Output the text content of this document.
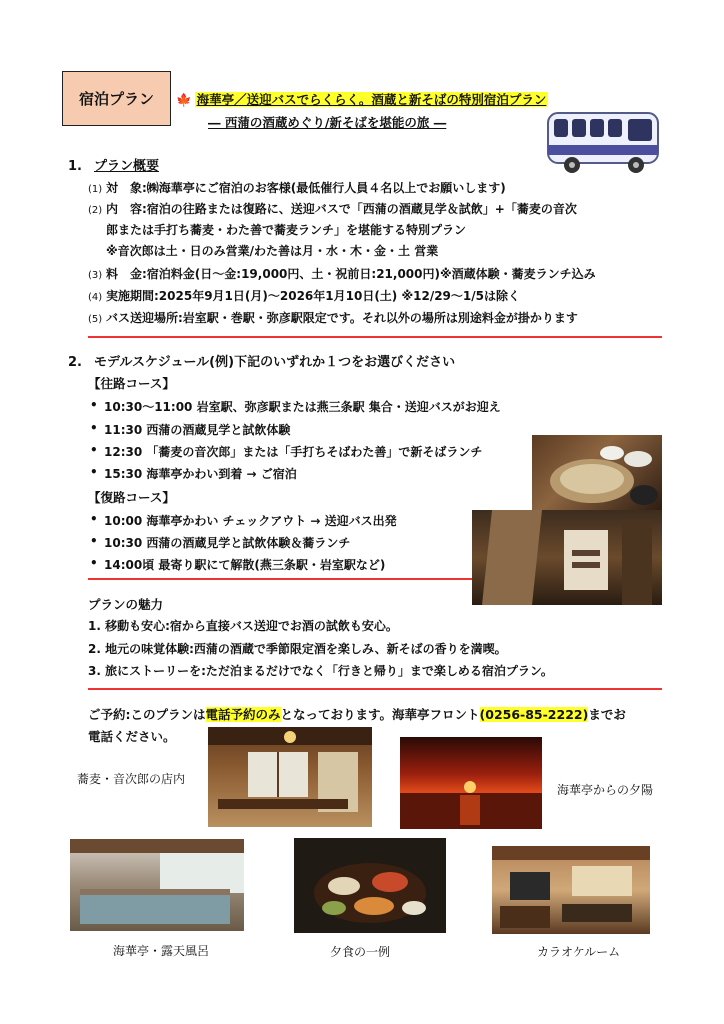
宿泊プラン	🍁 海華亭／送迎バスでらくらく。酒蔵と新そばの特別宿泊プラン
― 西蒲の酒蔵めぐり/新そばを堪能の旅 ―
1. プラン概要
(1) 対　象:㈱海華亭にご宿泊のお客様(最低催行人員４名以上でお願いします)
(2) 内　容:宿泊の往路または復路に、送迎バスで「西蒲の酒蔵見学＆試飲」+「蕎麦の音次
郎または手打ち蕎麦・わた善で蕎麦ランチ」を堪能する特別プラン
※音次郎は土・日のみ営業/わた善は月・水・木・金・土 営業
(3) 料　金:宿泊料金(日～金:19,000円、土・祝前日:21,000円)※酒蔵体験・蕎麦ランチ込み
(4) 実施期間:2025年9月1日(月)～2026年1月10日(土) ※12/29～1/5は除く
(5) バス送迎場所:岩室駅・巻駅・弥彦駅限定です。それ以外の場所は別途料金が掛かります
2. モデルスケジュール(例)下記のいずれか１つをお選びください
【往路コース】
• 10:30～11:00 岩室駅、弥彦駅または燕三条駅 集合・送迎バスがお迎え
• 11:30 西蒲の酒蔵見学と試飲体験
• 12:30 「蕎麦の音次郎」または「手打ちそばわた善」で新そばランチ
• 15:30 海華亭かわい到着 → ご宿泊
【復路コース】
• 10:00 海華亭かわい チェックアウト → 送迎バス出発
• 10:30 西蒲の酒蔵見学と試飲体験＆蕎ランチ
• 14:00頃 最寄り駅にて解散(燕三条駅・岩室駅など)
プランの魅力
1. 移動も安心:宿から直接バス送迎でお酒の試飲も安心。
2. 地元の味覚体験:西蒲の酒蔵で季節限定酒を楽しみ、新そばの香りを満喫。
3. 旅にストーリーを:ただ泊まるだけでなく「行きと帰り」まで楽しめる宿泊プラン。
ご予約:このプランは電話予約のみとなっております。海華亭フロント(0256-85-2222)までお
電話ください。
蕎麦・音次郎の店内
海華亭からの夕陽
海華亭・露天風呂	夕食の一例	カラオケルーム
